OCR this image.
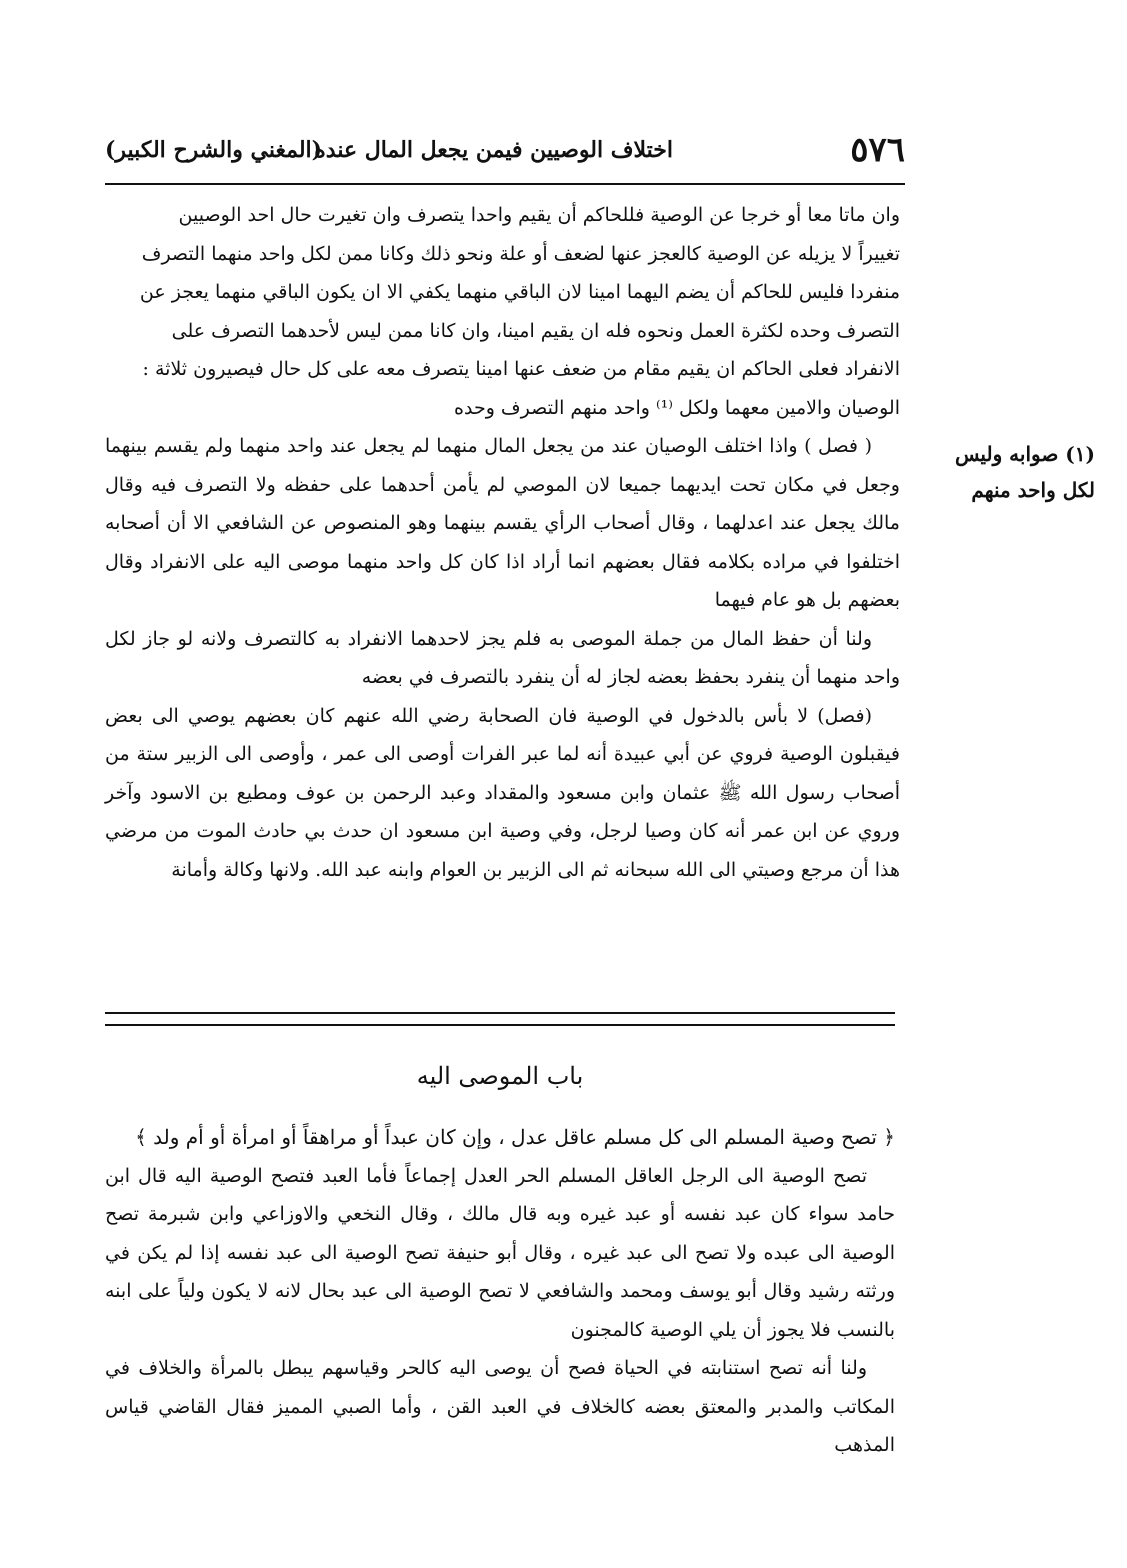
٥٧٦
اختلاف الوصيين فيمن يجعل المال عنده
(المغني والشرح الكبير)

وان ماتا معا أو خرجا عن الوصية فللحاكم أن يقيم واحدا يتصرف وان تغيرت حال احد الوصيين

تغييراً لا يزيله عن الوصية كالعجز عنها لضعف أو علة ونحو ذلك وكانا ممن لكل واحد منهما التصرف

منفردا فليس للحاكم أن يضم اليهما امينا لان الباقي منهما يكفي الا ان يكون الباقي منهما يعجز عن

التصرف وحده لكثرة العمل ونحوه فله ان يقيم امينا، وان كانا ممن ليس لأحدهما التصرف على

الانفراد فعلى الحاكم ان يقيم مقام من ضعف عنها امينا يتصرف معه على كل حال فيصيرون ثلاثة :

الوصيان والامين معهما ولكل ⁽¹⁾ واحد منهم التصرف وحده

( فصل ) واذا اختلف الوصيان عند من يجعل المال منهما لم يجعل عند واحد منهما ولم يقسم بينهما وجعل في مكان تحت ايديهما جميعا لان الموصي لم يأمن أحدهما على حفظه ولا التصرف فيه وقال مالك يجعل عند اعدلهما ، وقال أصحاب الرأي يقسم بينهما وهو المنصوص عن الشافعي الا أن أصحابه اختلفوا في مراده بكلامه فقال بعضهم انما أراد اذا كان كل واحد منهما موصى اليه على الانفراد وقال بعضهم بل هو عام فيهما

ولنا أن حفظ المال من جملة الموصى به فلم يجز لاحدهما الانفراد به كالتصرف ولانه لو جاز لكل واحد منهما أن ينفرد بحفظ بعضه لجاز له أن ينفرد بالتصرف في بعضه

(فصل) لا بأس بالدخول في الوصية فان الصحابة رضي الله عنهم كان بعضهم يوصي الى بعض فيقبلون الوصية فروي عن أبي عبيدة أنه لما عبر الفرات أوصى الى عمر ، وأوصى الى الزبير ستة من أصحاب رسول الله ﷺ عثمان وابن مسعود والمقداد وعبد الرحمن بن عوف ومطيع بن الاسود وآخر وروي عن ابن عمر أنه كان وصيا لرجل، وفي وصية ابن مسعود ان حدث بي حادث الموت من مرضي هذا أن مرجع وصيتي الى الله سبحانه ثم الى الزبير بن العوام وابنه عبد الله. ولانها وكالة وأمانة

(١) صوابه وليس لكل واحد منهم
باب الموصى اليه

﴿ تصح وصية المسلم الى كل مسلم عاقل عدل ، وإن كان عبداً أو مراهقاً أو امرأة أو أم ولد ﴾

تصح الوصية الى الرجل العاقل المسلم الحر العدل إجماعاً فأما العبد فتصح الوصية اليه قال ابن حامد سواء كان عبد نفسه أو عبد غيره وبه قال مالك ، وقال النخعي والاوزاعي وابن شبرمة تصح الوصية الى عبده ولا تصح الى عبد غيره ، وقال أبو حنيفة تصح الوصية الى عبد نفسه إذا لم يكن في ورثته رشيد وقال أبو يوسف ومحمد والشافعي لا تصح الوصية الى عبد بحال لانه لا يكون ولياً على ابنه بالنسب فلا يجوز أن يلي الوصية كالمجنون

ولنا أنه تصح استنابته في الحياة فصح أن يوصى اليه كالحر وقياسهم يبطل بالمرأة والخلاف في المكاتب والمدبر والمعتق بعضه كالخلاف في العبد القن ، وأما الصبي المميز فقال القاضي قياس المذهب
